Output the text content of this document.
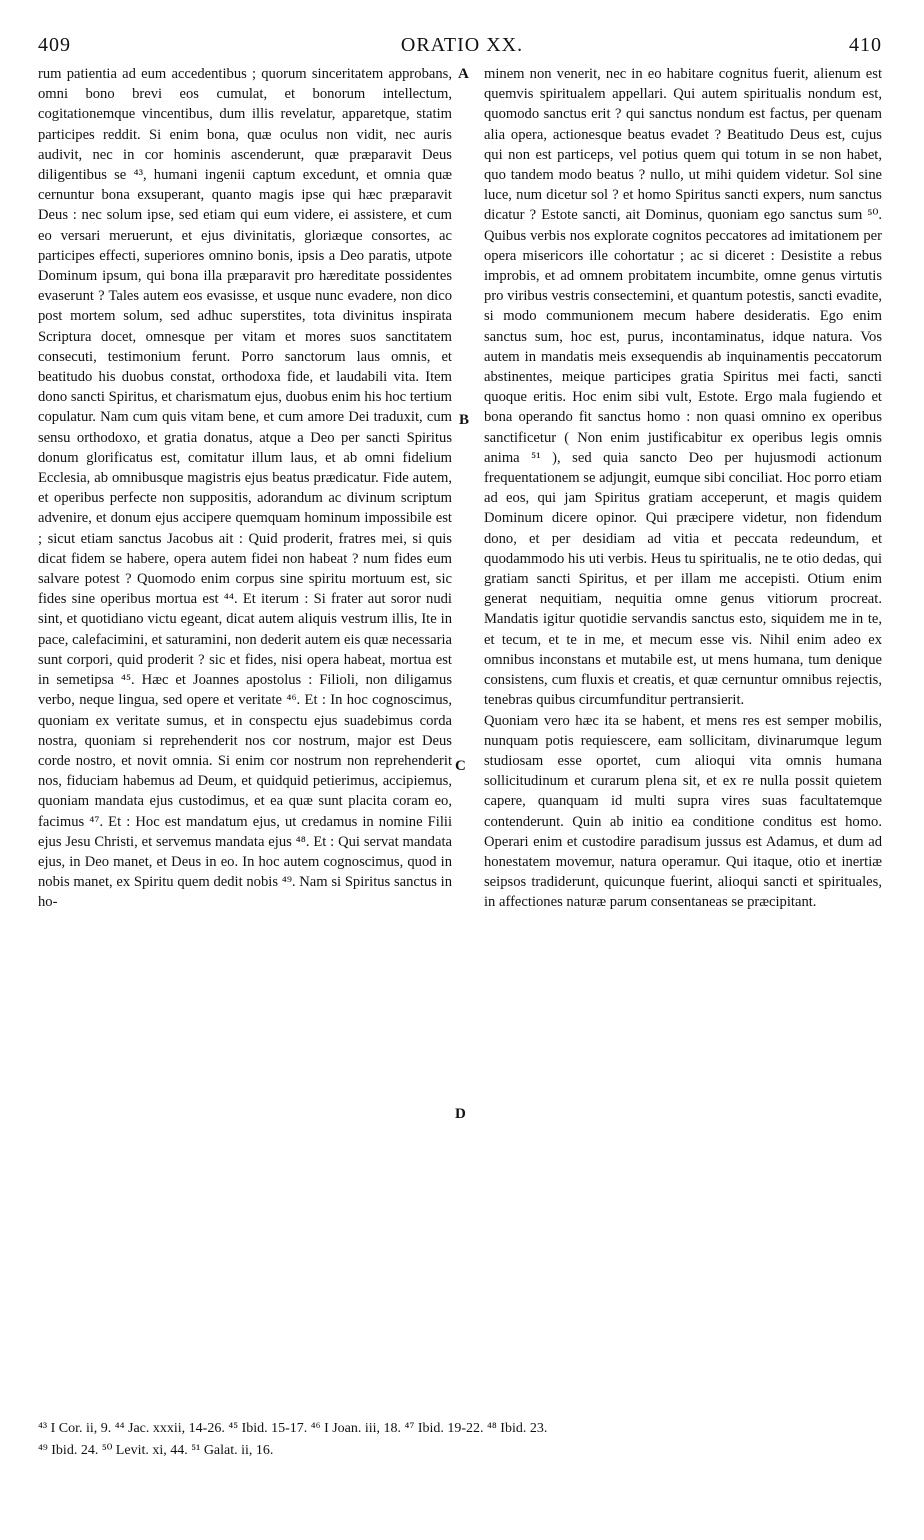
409	ORATIO XX.	410

rum patientia ad eum accedentibus ; quorum sinceritatem approbans, omni bono brevi eos cumulat, et bonorum intellectum, cogitationemque vincentibus, dum illis revelatur, apparetque, statim participes reddit. Si enim bona, quæ oculus non vidit, nec auris audivit, nec in cor hominis ascenderunt, quæ præparavit Deus diligentibus se ⁴³, humani ingenii captum excedunt, et omnia quæ cernuntur bona exsuperant, quanto magis ipse qui hæc præparavit Deus : nec solum ipse, sed etiam qui eum videre, ei assistere, et cum eo versari meruerunt, et ejus divinitatis, gloriæque consortes, ac participes effecti, superiores omnino bonis, ipsis a Deo paratis, utpote Dominum ipsum, qui bona illa præparavit pro hæreditate possidentes evaserunt ? Tales autem eos evasisse, et usque nunc evadere, non dico post mortem solum, sed adhuc superstites, tota divinitus inspirata Scriptura docet, omnesque per vitam et mores suos sanctitatem consecuti, testimonium ferunt. Porro sanctorum laus omnis, et beatitudo his duobus constat, orthodoxa fide, et laudabili vita. Item dono sancti Spiritus, et charismatum ejus, duobus enim his hoc tertium copulatur. Nam cum quis vitam bene, et cum amore Dei traduxit, cum sensu orthodoxo, et gratia donatus, atque a Deo per sancti Spiritus donum glorificatus est, comitatur illum laus, et ab omni fidelium Ecclesia, ab omnibusque magistris ejus beatus prædicatur. Fide autem, et operibus perfecte non suppositis, adorandum ac divinum scriptum advenire, et donum ejus accipere quemquam hominum impossibile est ; sicut etiam sanctus Jacobus ait : Quid proderit, fratres mei, si quis dicat fidem se habere, opera autem fidei non habeat ? num fides eum salvare potest ? Quomodo enim corpus sine spiritu mortuum est, sic fides sine operibus mortua est ⁴⁴. Et iterum : Si frater aut soror nudi sint, et quotidiano victu egeant, dicat autem aliquis vestrum illis, Ite in pace, calefacimini, et saturamini, non dederit autem eis quæ necessaria sunt corpori, quid proderit ? sic et fides, nisi opera habeat, mortua est in semetipsa ⁴⁵. Hæc et Joannes apostolus : Filioli, non diligamus verbo, neque lingua, sed opere et veritate ⁴⁶. Et : In hoc cognoscimus, quoniam ex veritate sumus, et in conspectu ejus suadebimus corda nostra, quoniam si reprehenderit nos cor nostrum, major est Deus corde nostro, et novit omnia. Si enim cor nostrum non reprehenderit nos, fiduciam habemus ad Deum, et quidquid petierimus, accipiemus, quoniam mandata ejus custodimus, et ea quæ sunt placita coram eo, facimus ⁴⁷. Et : Hoc est mandatum ejus, ut credamus in nomine Filii ejus Jesu Christi, et servemus mandata ejus ⁴⁸. Et : Qui servat mandata ejus, in Deo manet, et Deus in eo. In hoc autem cognoscimus, quod in nobis manet, ex Spiritu quem dedit nobis ⁴⁹. Nam si Spiritus sanctus in ho-

minem non venerit, nec in eo habitare cognitus fuerit, alienum est quemvis spiritualem appellari. Qui autem spiritualis nondum est, quomodo sanctus erit ? qui sanctus nondum est factus, per quenam alia opera, actionesque beatus evadet ? Beatitudo Deus est, cujus qui non est particeps, vel potius quem qui totum in se non habet, quo tandem modo beatus ? nullo, ut mihi quidem videtur. Sol sine luce, num dicetur sol ? et homo Spiritus sancti expers, num sanctus dicatur ? Estote sancti, ait Dominus, quoniam ego sanctus sum ⁵⁰. Quibus verbis nos explorate cognitos peccatores ad imitationem per opera misericors ille cohortatur ; ac si diceret : Desistite a rebus improbis, et ad omnem probitatem incumbite, omne genus virtutis pro viribus vestris consectemini, et quantum potestis, sancti evadite, si modo communionem mecum habere desideratis. Ego enim sanctus sum, hoc est, purus, incontaminatus, idque natura. Vos autem in mandatis meis exsequendis ab inquinamentis peccatorum abstinentes, meique participes gratia Spiritus mei facti, sancti quoque eritis. Hoc enim sibi vult, Estote. Ergo mala fugiendo et bona operando fit sanctus homo : non quasi omnino ex operibus sanctificetur ( Non enim justificabitur ex operibus legis omnis anima ⁵¹ ), sed quia sancto Deo per hujusmodi actionum frequentationem se adjungit, eumque sibi conciliat. Hoc porro etiam ad eos, qui jam Spiritus gratiam acceperunt, et magis quidem Dominum dicere opinor. Qui præcipere videtur, non fidendum dono, et per desidiam ad vitia et peccata redeundum, et quodammodo his uti verbis. Heus tu spiritualis, ne te otio dedas, qui gratiam sancti Spiritus, et per illam me accepisti. Otium enim generat nequitiam, nequitia omne genus vitiorum procreat. Mandatis igitur quotidie servandis sanctus esto, siquidem me in te, et tecum, et te in me, et mecum esse vis. Nihil enim adeo ex omnibus inconstans et mutabile est, ut mens humana, tum denique consistens, cum fluxis et creatis, et quæ cernuntur omnibus rejectis, tenebras quibus circumfunditur pertransierit.

Quoniam vero hæc ita se habent, et mens res est semper mobilis, nunquam potis requiescere, eam sollicitam, divinarumque legum studiosam esse oportet, cum alioqui vita omnis humana sollicitudinum et curarum plena sit, et ex re nulla possit quietem capere, quanquam id multi supra vires suas facultatemque contenderunt. Quin ab initio ea conditione conditus est homo. Operari enim et custodire paradisum jussus est Adamus, et dum ad honestatem movemur, natura operamur. Qui itaque, otio et inertiæ seipsos tradiderunt, quicunque fuerint, alioqui sancti et spirituales, in affectiones naturæ parum consentaneas se præcipitant.

A
B
C
D
⁴³ I Cor. ii, 9. ⁴⁴ Jac. xxxii, 14-26. ⁴⁵ Ibid. 15-17. ⁴⁶ I Joan. iii, 18. ⁴⁷ Ibid. 19-22. ⁴⁸ Ibid. 23.
⁴⁹ Ibid. 24. ⁵⁰ Levit. xi, 44. ⁵¹ Galat. ii, 16.
